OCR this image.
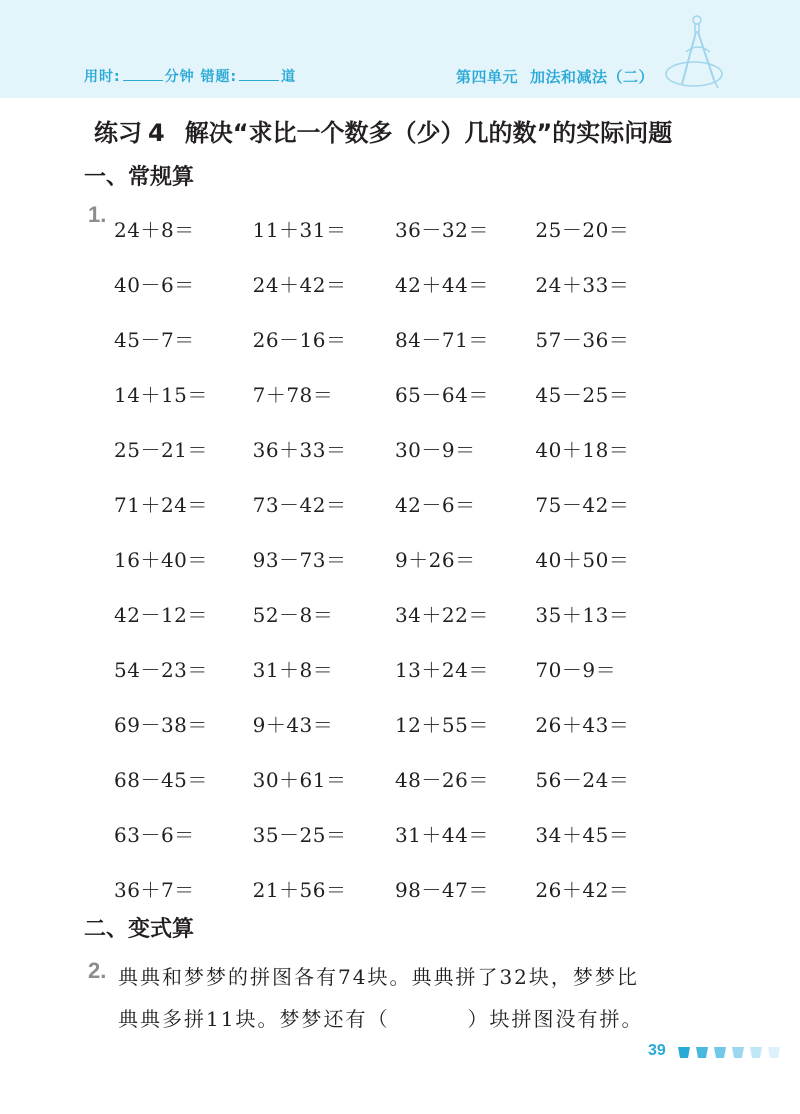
用时:	分钟 错题:	道	第四单元 加法和减法（二）
练习 4 解决“求比一个数多（少）几的数”的实际问题
一、常规算
1.
24＋8＝	11＋31＝	36－32＝	25－20＝
40－6＝	24＋42＝	42＋44＝	24＋33＝
45－7＝	26－16＝	84－71＝	57－36＝
14＋15＝	7＋78＝	65－64＝	45－25＝
25－21＝	36＋33＝	30－9＝	40＋18＝
71＋24＝	73－42＝	42－6＝	75－42＝
16＋40＝	93－73＝	9＋26＝	40＋50＝
42－12＝	52－8＝	34＋22＝	35＋13＝
54－23＝	31＋8＝	13＋24＝	70－9＝
69－38＝	9＋43＝	12＋55＝	26＋43＝
68－45＝	30＋61＝	48－26＝	56－24＝
63－6＝	35－25＝	31＋44＝	34＋45＝
36＋7＝	21＋56＝	98－47＝	26＋42＝
二、变式算
2. 典典和梦梦的拼图各有74块。典典拼了32块，梦梦比
典典多拼11块。梦梦还有（	）块拼图没有拼。
39
